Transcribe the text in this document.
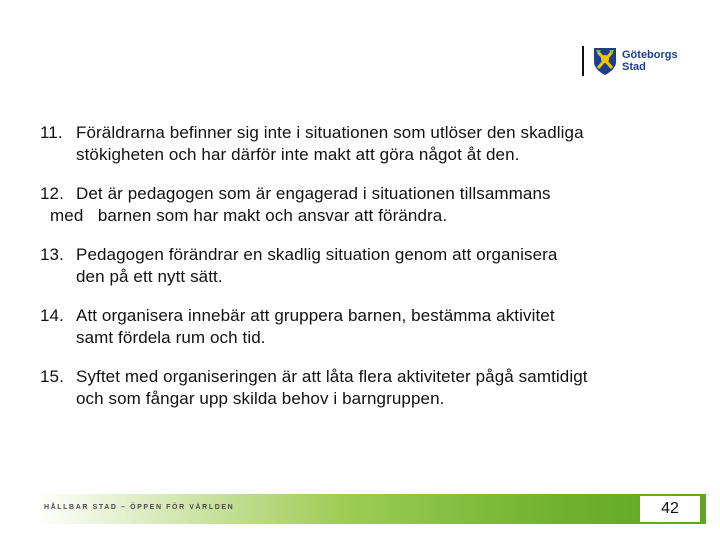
Göteborgs
Stad
11. Föräldrarna befinner sig inte i situationen som utlöser den skadliga
stökigheten och har därför inte makt att göra något åt den.
12. Det är pedagogen som är engagerad i situationen tillsammans
med   barnen som har makt och ansvar att förändra.
13. Pedagogen förändrar en skadlig situation genom att organisera
den på ett nytt sätt.
14. Att organisera innebär att gruppera barnen, bestämma aktivitet
samt fördela rum och tid.
15. Syftet med organiseringen är att låta flera aktiviteter pågå samtidigt
och som fångar upp skilda behov i barngruppen.
HÅLLBAR STAD – ÖPPEN FÖR VÄRLDEN	42
